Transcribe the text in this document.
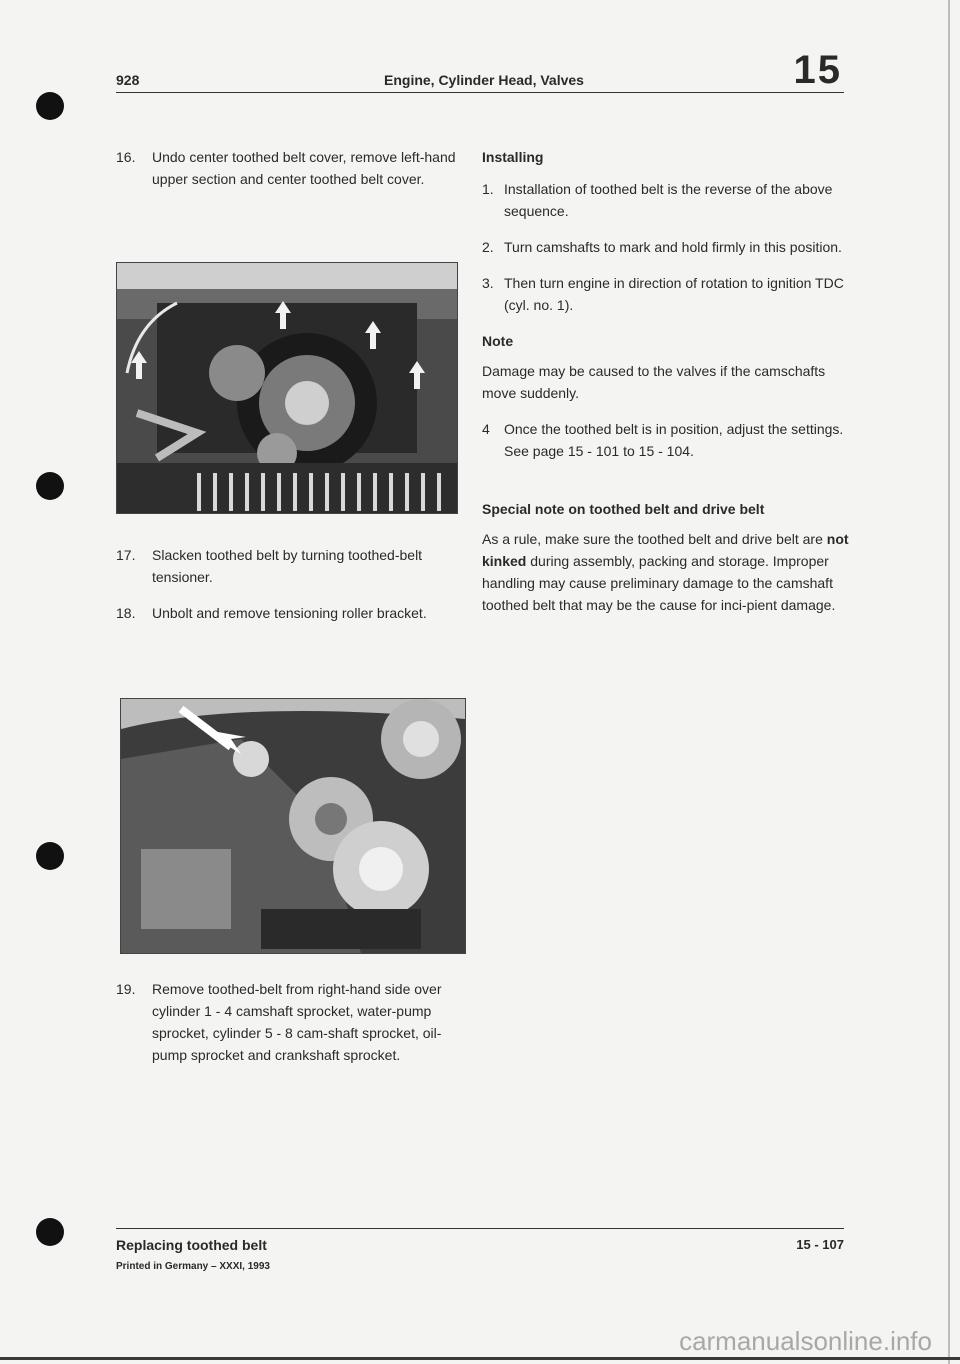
928	Engine, Cylinder Head, Valves	15

16.	Undo center toothed belt cover, remove left-hand upper section and center toothed belt cover.

17.	Slacken toothed belt by turning toothed-belt tensioner.

18.	Unbolt and remove tensioning roller bracket.

19.	Remove toothed-belt from right-hand side over cylinder 1 - 4 camshaft sprocket, water-pump sprocket, cylinder 5 - 8 cam-shaft sprocket, oil-pump sprocket and crankshaft sprocket.

Installing

1. Installation of toothed belt is the reverse of the above sequence.

2. Turn camshafts to mark and hold firmly in this position.

3. Then turn engine in direction of rotation to ignition TDC (cyl. no. 1).

Note

Damage may be caused to the valves if the camschafts move suddenly.

4 Once the toothed belt is in position, adjust the settings. See page 15 - 101 to 15 - 104.

Special note on toothed belt and drive belt

As a rule, make sure the toothed belt and drive belt are not kinked during assembly, packing and storage. Improper handling may cause preliminary damage to the camshaft toothed belt that may be the cause for inci-pient damage.

Replacing toothed belt
Printed in Germany – XXXI, 1993
15 - 107
carmanualsonline.info
